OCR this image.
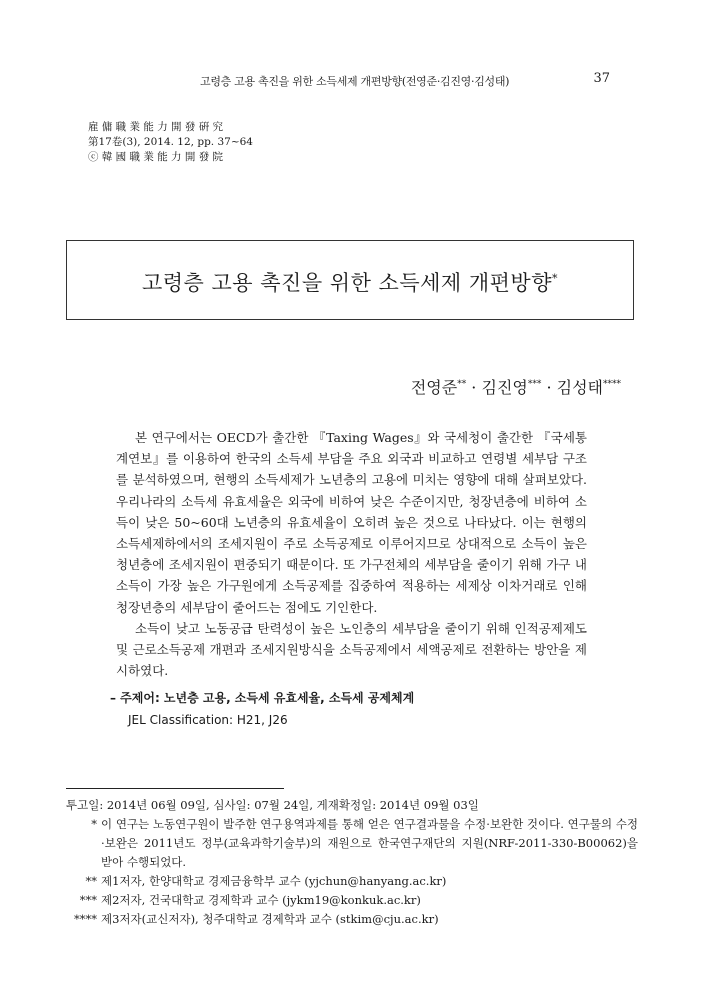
고령층 고용 촉진을 위한 소득세제 개편방향(전영준·김진영·김성태)	37
雇 傭 職 業 能 力 開 發 硏 究
第17卷(3), 2014. 12, pp. 37~64
ⓒ 韓 國 職 業 能 力 開 發 院
고령층 고용 촉진을 위한 소득세제 개편방향*
전영준** · 김진영*** · 김성태****

본 연구에서는 OECD가 출간한 『Taxing Wages』와 국세청이 출간한 『국세통계연보』를 이용하여 한국의 소득세 부담을 주요 외국과 비교하고 연령별 세부담 구조를 분석하였으며, 현행의 소득세제가 노년층의 고용에 미치는 영향에 대해 살펴보았다. 우리나라의 소득세 유효세율은 외국에 비하여 낮은 수준이지만, 청장년층에 비하여 소득이 낮은 50~60대 노년층의 유효세율이 오히려 높은 것으로 나타났다. 이는 현행의 소득세제하에서의 조세지원이 주로 소득공제로 이루어지므로 상대적으로 소득이 높은 청년층에 조세지원이 편중되기 때문이다. 또 가구전체의 세부담을 줄이기 위해 가구 내 소득이 가장 높은 가구원에게 소득공제를 집중하여 적용하는 세제상 이차거래로 인해 청장년층의 세부담이 줄어드는 점에도 기인한다.

소득이 낮고 노동공급 탄력성이 높은 노인층의 세부담을 줄이기 위해 인적공제제도 및 근로소득공제 개편과 조세지원방식을 소득공제에서 세액공제로 전환하는 방안을 제시하였다.

– 주제어: 노년층 고용, 소득세 유효세율, 소득세 공제체계
JEL Classification: H21, J26
투고일: 2014년 06월 09일, 심사일: 07월 24일, 게재확정일: 2014년 09월 03일
* 이 연구는 노동연구원이 발주한 연구용역과제를 통해 얻은 연구결과물을 수정·보완한 것이다. 연구물의 수정·보완은 2011년도 정부(교육과학기술부)의 재원으로 한국연구재단의 지원(NRF-2011-330-B00062)을 받아 수행되었다.
** 제1저자, 한양대학교 경제금융학부 교수 (yjchun@hanyang.ac.kr)
*** 제2저자, 건국대학교 경제학과 교수 (jykm19@konkuk.ac.kr)
**** 제3저자(교신저자), 청주대학교 경제학과 교수 (stkim@cju.ac.kr)
